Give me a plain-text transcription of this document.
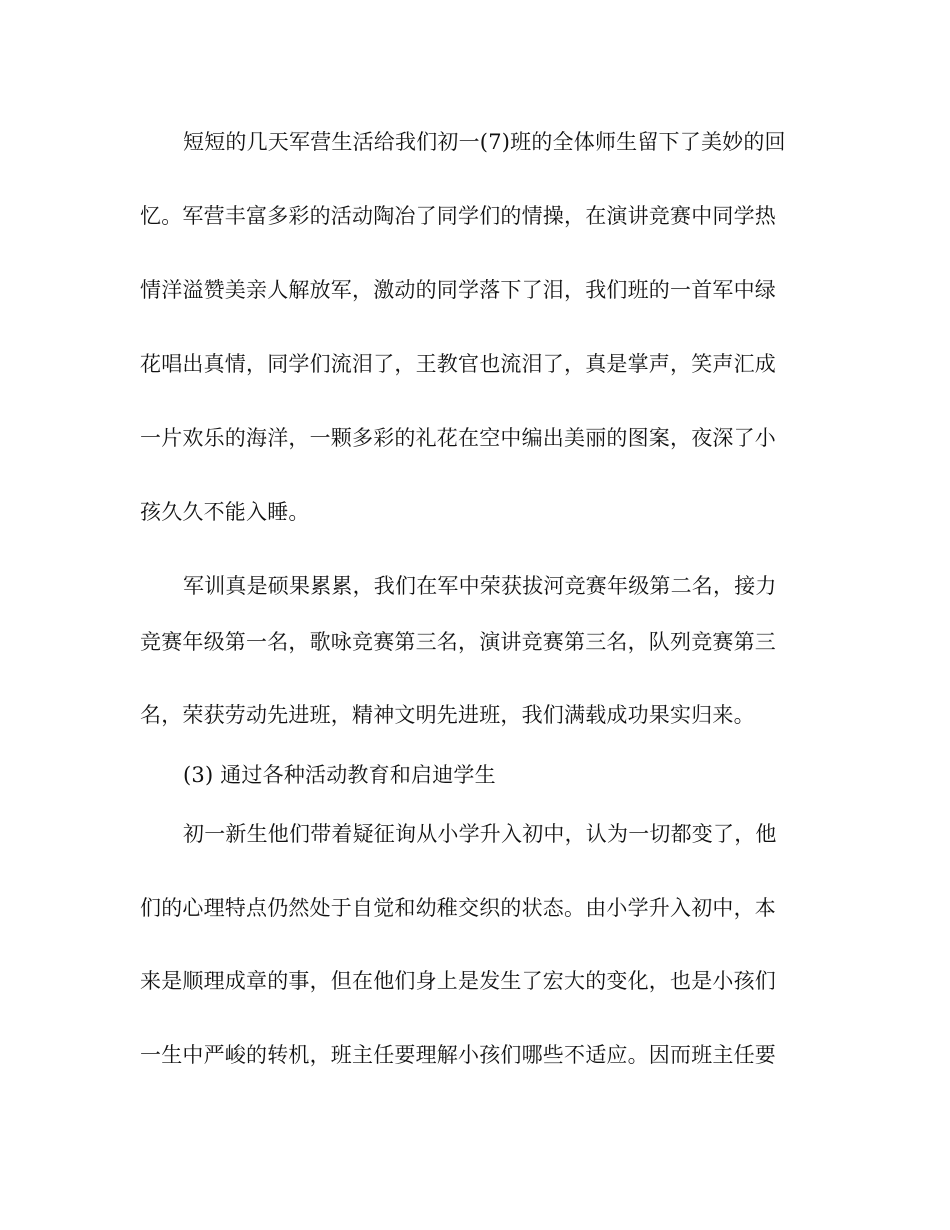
短短的几天军营生活给我们初一(7)班的全体师生留下了美妙的回
忆。军营丰富多彩的活动陶冶了同学们的情操，在演讲竞赛中同学热
情洋溢赞美亲人解放军，激动的同学落下了泪，我们班的一首军中绿
花唱出真情，同学们流泪了，王教官也流泪了，真是掌声，笑声汇成
一片欢乐的海洋，一颗多彩的礼花在空中编出美丽的图案，夜深了小
孩久久不能入睡。
军训真是硕果累累，我们在军中荣获拔河竞赛年级第二名，接力
竞赛年级第一名，歌咏竞赛第三名，演讲竞赛第三名，队列竞赛第三
名，荣获劳动先进班，精神文明先进班，我们满载成功果实归来。
(3) 通过各种活动教育和启迪学生
初一新生他们带着疑征询从小学升入初中，认为一切都变了，他
们的心理特点仍然处于自觉和幼稚交织的状态。由小学升入初中，本
来是顺理成章的事，但在他们身上是发生了宏大的变化，也是小孩们
一生中严峻的转机，班主任要理解小孩们哪些不适应。因而班主任要
